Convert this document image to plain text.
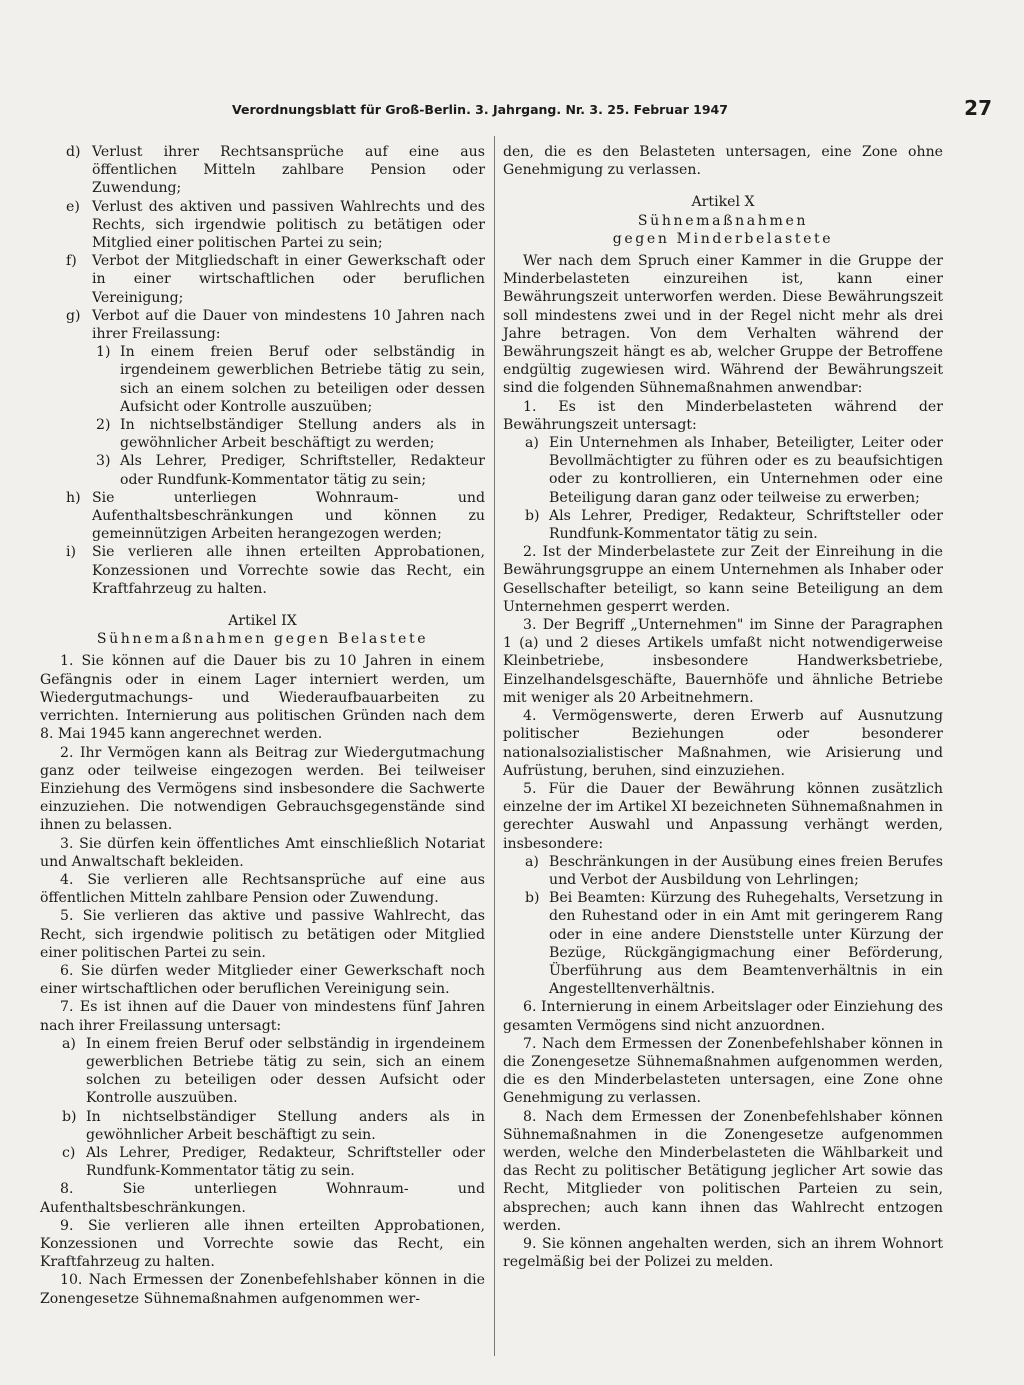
Verordnungsblatt für Groß-Berlin. 3. Jahrgang. Nr. 3. 25. Februar 1947	27
d) Verlust ihrer Rechtsansprüche auf eine aus öffentlichen Mitteln zahlbare Pension oder Zuwendung;
e) Verlust des aktiven und passiven Wahlrechts und des Rechts, sich irgendwie politisch zu betätigen oder Mitglied einer politischen Partei zu sein;
f)	Verbot der Mitgliedschaft in einer Gewerkschaft oder in einer wirtschaftlichen oder beruflichen Vereinigung;
g) Verbot auf die Dauer von mindestens 10 Jahren nach ihrer Freilassung:
1) In einem freien Beruf oder selbständig in irgendeinem gewerblichen Betriebe tätig zu sein, sich an einem solchen zu beteiligen oder dessen Aufsicht oder Kontrolle auszuüben;
2) In nichtselbständiger Stellung anders als in gewöhnlicher Arbeit beschäftigt zu werden;
3) Als Lehrer, Prediger, Schriftsteller, Redakteur oder Rundfunk-Kommentator tätig zu sein;
h) Sie unterliegen Wohnraum- und Aufenthaltsbeschränkungen und können zu gemeinnützigen Arbeiten herangezogen werden;
i)	Sie verlieren alle ihnen erteilten Approbationen, Konzessionen und Vorrechte sowie das Recht, ein Kraftfahrzeug zu halten.
Artikel IX
Sühnemaßnahmen gegen Belastete
1. Sie können auf die Dauer bis zu 10 Jahren in einem Gefängnis oder in einem Lager interniert werden, um Wiedergutmachungs- und Wiederaufbauarbeiten zu verrichten. Internierung aus politischen Gründen nach dem 8. Mai 1945 kann angerechnet werden.
2. Ihr Vermögen kann als Beitrag zur Wiedergutmachung ganz oder teilweise eingezogen werden. Bei teilweiser Einziehung des Vermögens sind insbesondere die Sachwerte einzuziehen. Die notwendigen Gebrauchsgegenstände sind ihnen zu belassen.
3. Sie dürfen kein öffentliches Amt einschließlich Notariat und Anwaltschaft bekleiden.
4. Sie verlieren alle Rechtsansprüche auf eine aus öffentlichen Mitteln zahlbare Pension oder Zuwendung.
5. Sie verlieren das aktive und passive Wahlrecht, das Recht, sich irgendwie politisch zu betätigen oder Mitglied einer politischen Partei zu sein.
6. Sie dürfen weder Mitglieder einer Gewerkschaft noch einer wirtschaftlichen oder beruflichen Vereinigung sein.
7. Es ist ihnen auf die Dauer von mindestens fünf Jahren nach ihrer Freilassung untersagt:
a) In einem freien Beruf oder selbständig in irgendeinem gewerblichen Betriebe tätig zu sein, sich an einem solchen zu beteiligen oder dessen Aufsicht oder Kontrolle auszuüben.
b) In nichtselbständiger Stellung anders als in gewöhnlicher Arbeit beschäftigt zu sein.
c) Als Lehrer, Prediger, Redakteur, Schriftsteller oder Rundfunk-Kommentator tätig zu sein.
8. Sie unterliegen Wohnraum- und Aufenthaltsbeschränkungen.
9. Sie verlieren alle ihnen erteilten Approbationen, Konzessionen und Vorrechte sowie das Recht, ein Kraftfahrzeug zu halten.
10. Nach Ermessen der Zonenbefehlshaber können in die Zonengesetze Sühnemaßnahmen aufgenommen wer-
den, die es den Belasteten untersagen, eine Zone ohne Genehmigung zu verlassen.
Artikel X
Sühnemaßnahmen
gegen Minderbelastete
Wer nach dem Spruch einer Kammer in die Gruppe der Minderbelasteten einzureihen ist, kann einer Bewährungszeit unterworfen werden. Diese Bewährungszeit soll mindestens zwei und in der Regel nicht mehr als drei Jahre betragen. Von dem Verhalten während der Bewährungszeit hängt es ab, welcher Gruppe der Betroffene endgültig zugewiesen wird. Während der Bewährungszeit sind die folgenden Sühnemaßnahmen anwendbar:
1. Es ist den Minderbelasteten während der Bewährungszeit untersagt:
a) Ein Unternehmen als Inhaber, Beteiligter, Leiter oder Bevollmächtigter zu führen oder es zu beaufsichtigen oder zu kontrollieren, ein Unternehmen oder eine Beteiligung daran ganz oder teilweise zu erwerben;
b) Als Lehrer, Prediger, Redakteur, Schriftsteller oder Rundfunk-Kommentator tätig zu sein.
2. Ist der Minderbelastete zur Zeit der Einreihung in die Bewährungsgruppe an einem Unternehmen als Inhaber oder Gesellschafter beteiligt, so kann seine Beteiligung an dem Unternehmen gesperrt werden.
3. Der Begriff „Unternehmen" im Sinne der Paragraphen 1 (a) und 2 dieses Artikels umfaßt nicht notwendigerweise Kleinbetriebe, insbesondere Handwerksbetriebe, Einzelhandelsgeschäfte, Bauernhöfe und ähnliche Betriebe mit weniger als 20 Arbeitnehmern.
4. Vermögenswerte, deren Erwerb auf Ausnutzung politischer Beziehungen oder besonderer nationalsozialistischer Maßnahmen, wie Arisierung und Aufrüstung, beruhen, sind einzuziehen.
5. Für die Dauer der Bewährung können zusätzlich einzelne der im Artikel XI bezeichneten Sühnemaßnahmen in gerechter Auswahl und Anpassung verhängt werden, insbesondere:
a) Beschränkungen in der Ausübung eines freien Berufes und Verbot der Ausbildung von Lehrlingen;
b) Bei Beamten: Kürzung des Ruhegehalts, Versetzung in den Ruhestand oder in ein Amt mit geringerem Rang oder in eine andere Dienststelle unter Kürzung der Bezüge, Rückgängigmachung einer Beförderung, Überführung aus dem Beamtenverhältnis in ein Angestelltenverhältnis.
6. Internierung in einem Arbeitslager oder Einziehung des gesamten Vermögens sind nicht anzuordnen.
7. Nach dem Ermessen der Zonenbefehlshaber können in die Zonengesetze Sühnemaßnahmen aufgenommen werden, die es den Minderbelasteten untersagen, eine Zone ohne Genehmigung zu verlassen.
8. Nach dem Ermessen der Zonenbefehlshaber können Sühnemaßnahmen in die Zonengesetze aufgenommen werden, welche den Minderbelasteten die Wählbarkeit und das Recht zu politischer Betätigung jeglicher Art sowie das Recht, Mitglieder von politischen Parteien zu sein, absprechen; auch kann ihnen das Wahlrecht entzogen werden.
9. Sie können angehalten werden, sich an ihrem Wohnort regelmäßig bei der Polizei zu melden.
